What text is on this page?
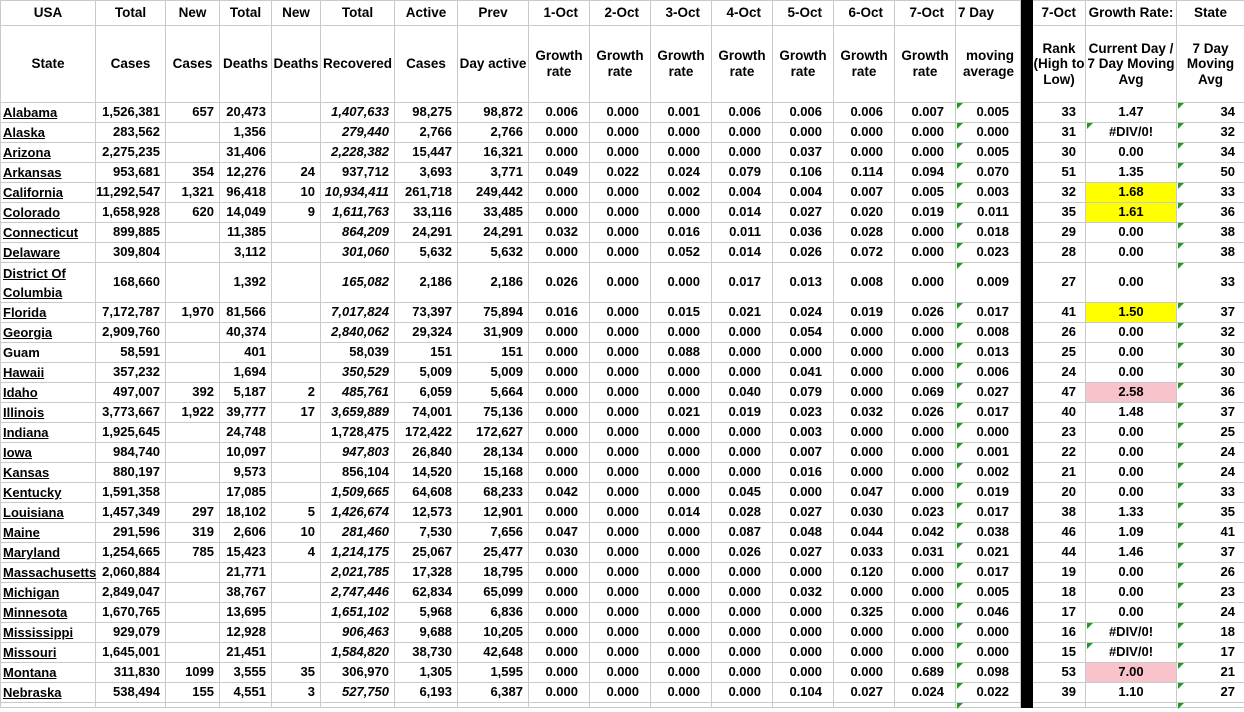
USA	Total	New	Total	New	Total	Active	Prev	1-Oct	2-Oct	3-Oct	4-Oct	5-Oct	6-Oct	7-Oct	7 Day		7-Oct	Growth Rate:	State
State	Cases	Cases	Deaths	Deaths	Recovered	Cases	Day active	Growth rate	Growth rate	Growth rate	Growth rate	Growth rate	Growth rate	Growth rate	moving average		Rank (High to Low)	Current Day / 7 Day Moving Avg	7 Day Moving Avg
Alabama	1,526,381	657	20,473		1,407,633	98,275	98,872	0.006	0.000	0.001	0.006	0.006	0.006	0.007	0.005		33	1.47	34

Alaska	283,562		1,356		279,440	2,766	2,766	0.000	0.000	0.000	0.000	0.000	0.000	0.000	0.000		31	#DIV/0!	32

Arizona	2,275,235		31,406		2,228,382	15,447	16,321	0.000	0.000	0.000	0.000	0.037	0.000	0.000	0.005		30	0.00	34

Arkansas	953,681	354	12,276	24	937,712	3,693	3,771	0.049	0.022	0.024	0.079	0.106	0.114	0.094	0.070		51	1.35	50

California	11,292,547	1,321	96,418	10	10,934,411	261,718	249,442	0.000	0.000	0.002	0.004	0.004	0.007	0.005	0.003		32	1.68	33

Colorado	1,658,928	620	14,049	9	1,611,763	33,116	33,485	0.000	0.000	0.000	0.014	0.027	0.020	0.019	0.011		35	1.61	36

Connecticut	899,885		11,385		864,209	24,291	24,291	0.032	0.000	0.016	0.011	0.036	0.028	0.000	0.018		29	0.00	38

Delaware	309,804		3,112		301,060	5,632	5,632	0.000	0.000	0.052	0.014	0.026	0.072	0.000	0.023		28	0.00	38

District Of Columbia	168,660		1,392		165,082	2,186	2,186	0.026	0.000	0.000	0.017	0.013	0.008	0.000	0.009		27	0.00	33

Florida	7,172,787	1,970	81,566		7,017,824	73,397	75,894	0.016	0.000	0.015	0.021	0.024	0.019	0.026	0.017		41	1.50	37

Georgia	2,909,760		40,374		2,840,062	29,324	31,909	0.000	0.000	0.000	0.000	0.054	0.000	0.000	0.008		26	0.00	32

Guam	58,591		401		58,039	151	151	0.000	0.000	0.088	0.000	0.000	0.000	0.000	0.013		25	0.00	30

Hawaii	357,232		1,694		350,529	5,009	5,009	0.000	0.000	0.000	0.000	0.041	0.000	0.000	0.006		24	0.00	30

Idaho	497,007	392	5,187	2	485,761	6,059	5,664	0.000	0.000	0.000	0.040	0.079	0.000	0.069	0.027		47	2.58	36

Illinois	3,773,667	1,922	39,777	17	3,659,889	74,001	75,136	0.000	0.000	0.021	0.019	0.023	0.032	0.026	0.017		40	1.48	37

Indiana	1,925,645		24,748		1,728,475	172,422	172,627	0.000	0.000	0.000	0.000	0.003	0.000	0.000	0.000		23	0.00	25

Iowa	984,740		10,097		947,803	26,840	28,134	0.000	0.000	0.000	0.000	0.007	0.000	0.000	0.001		22	0.00	24

Kansas	880,197		9,573		856,104	14,520	15,168	0.000	0.000	0.000	0.000	0.016	0.000	0.000	0.002		21	0.00	24

Kentucky	1,591,358		17,085		1,509,665	64,608	68,233	0.042	0.000	0.000	0.045	0.000	0.047	0.000	0.019		20	0.00	33

Louisiana	1,457,349	297	18,102	5	1,426,674	12,573	12,901	0.000	0.000	0.014	0.028	0.027	0.030	0.023	0.017		38	1.33	35

Maine	291,596	319	2,606	10	281,460	7,530	7,656	0.047	0.000	0.000	0.087	0.048	0.044	0.042	0.038		46	1.09	41

Maryland	1,254,665	785	15,423	4	1,214,175	25,067	25,477	0.030	0.000	0.000	0.026	0.027	0.033	0.031	0.021		44	1.46	37

Massachusetts	2,060,884		21,771		2,021,785	17,328	18,795	0.000	0.000	0.000	0.000	0.000	0.120	0.000	0.017		19	0.00	26

Michigan	2,849,047		38,767		2,747,446	62,834	65,099	0.000	0.000	0.000	0.000	0.032	0.000	0.000	0.005		18	0.00	23

Minnesota	1,670,765		13,695		1,651,102	5,968	6,836	0.000	0.000	0.000	0.000	0.000	0.325	0.000	0.046		17	0.00	24

Mississippi	929,079		12,928		906,463	9,688	10,205	0.000	0.000	0.000	0.000	0.000	0.000	0.000	0.000		16	#DIV/0!	18

Missouri	1,645,001		21,451		1,584,820	38,730	42,648	0.000	0.000	0.000	0.000	0.000	0.000	0.000	0.000		15	#DIV/0!	17

Montana	311,830	1099	3,555	35	306,970	1,305	1,595	0.000	0.000	0.000	0.000	0.000	0.000	0.689	0.098		53	7.00	21

Nebraska	538,494	155	4,551	3	527,750	6,193	6,387	0.000	0.000	0.000	0.000	0.104	0.027	0.024	0.022		39	1.10	27
